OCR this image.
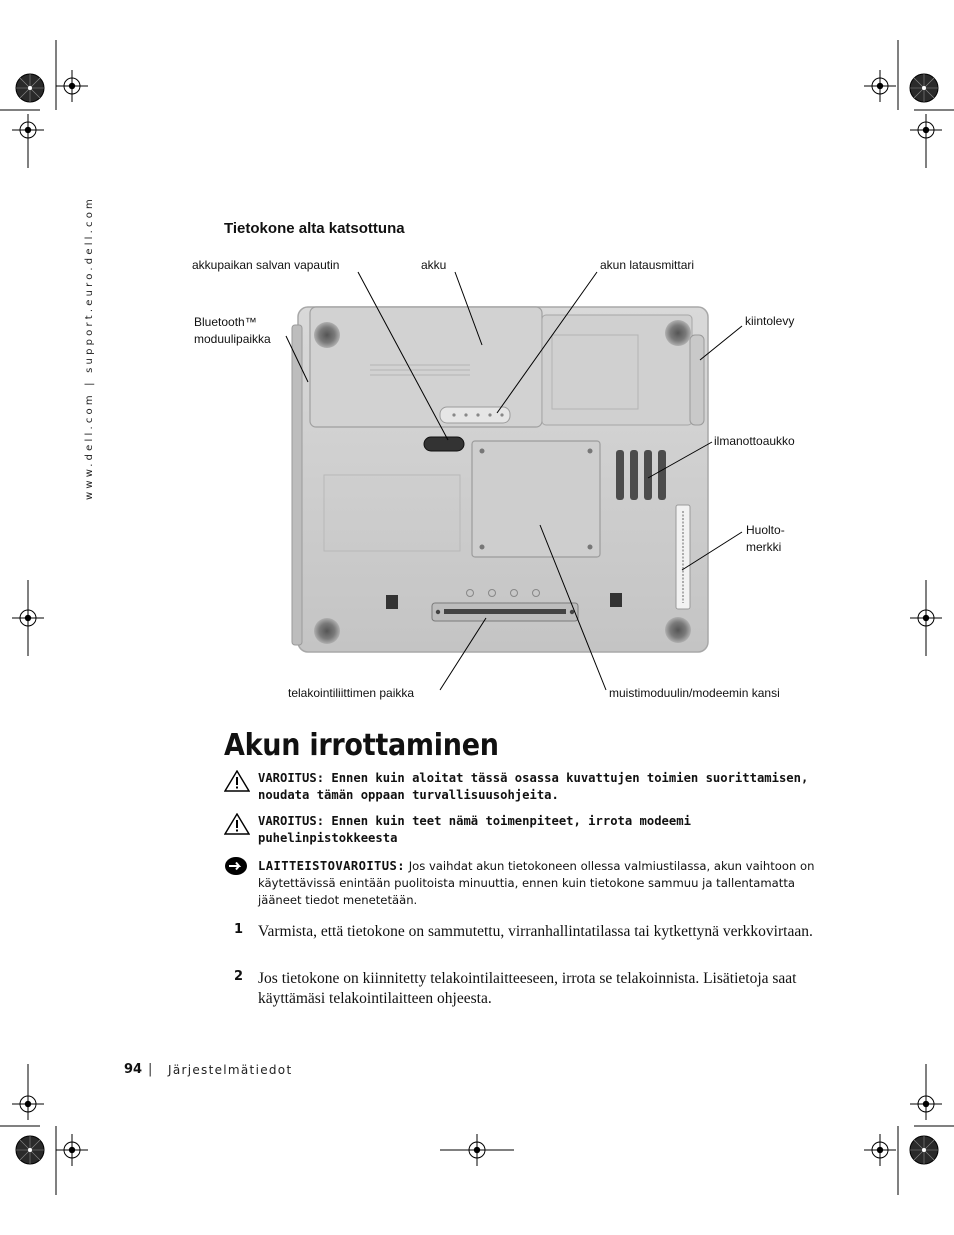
www.dell.com | support.euro.dell.com	Tietokone alta katsottuna
akkupaikan salvan vapautin	akku	akun latausmittari
Bluetooth™
moduulipaikka
kiintolevy
ilmanottoaukko
Huolto-
merkki
telakointiliittimen paikka	muistimoduulin/modeemin kansi
Akun irrottaminen
VAROITUS: Ennen kuin aloitat tässä osassa kuvattujen toimien suorittamisen, noudata tämän oppaan turvallisuusohjeita.
VAROITUS: Ennen kuin teet nämä toimenpiteet, irrota modeemi puhelinpistokkeesta
LAITTEISTOVAROITUS: Jos vaihdat akun tietokoneen ollessa valmiustilassa, akun vaihtoon on käytettävissä enintään puolitoista minuuttia, ennen kuin tietokone sammuu ja tallentamatta jääneet tiedot menetetään.
1 Varmista, että tietokone on sammutettu, virranhallintatilassa tai kytkettynä verkkovirtaan.
2 Jos tietokone on kiinnitetty telakointilaitteeseen, irrota se telakoinnista. Lisätietoja saat käyttämäsi telakointilaitteen ohjeesta.
94 | Järjestelmätiedot
